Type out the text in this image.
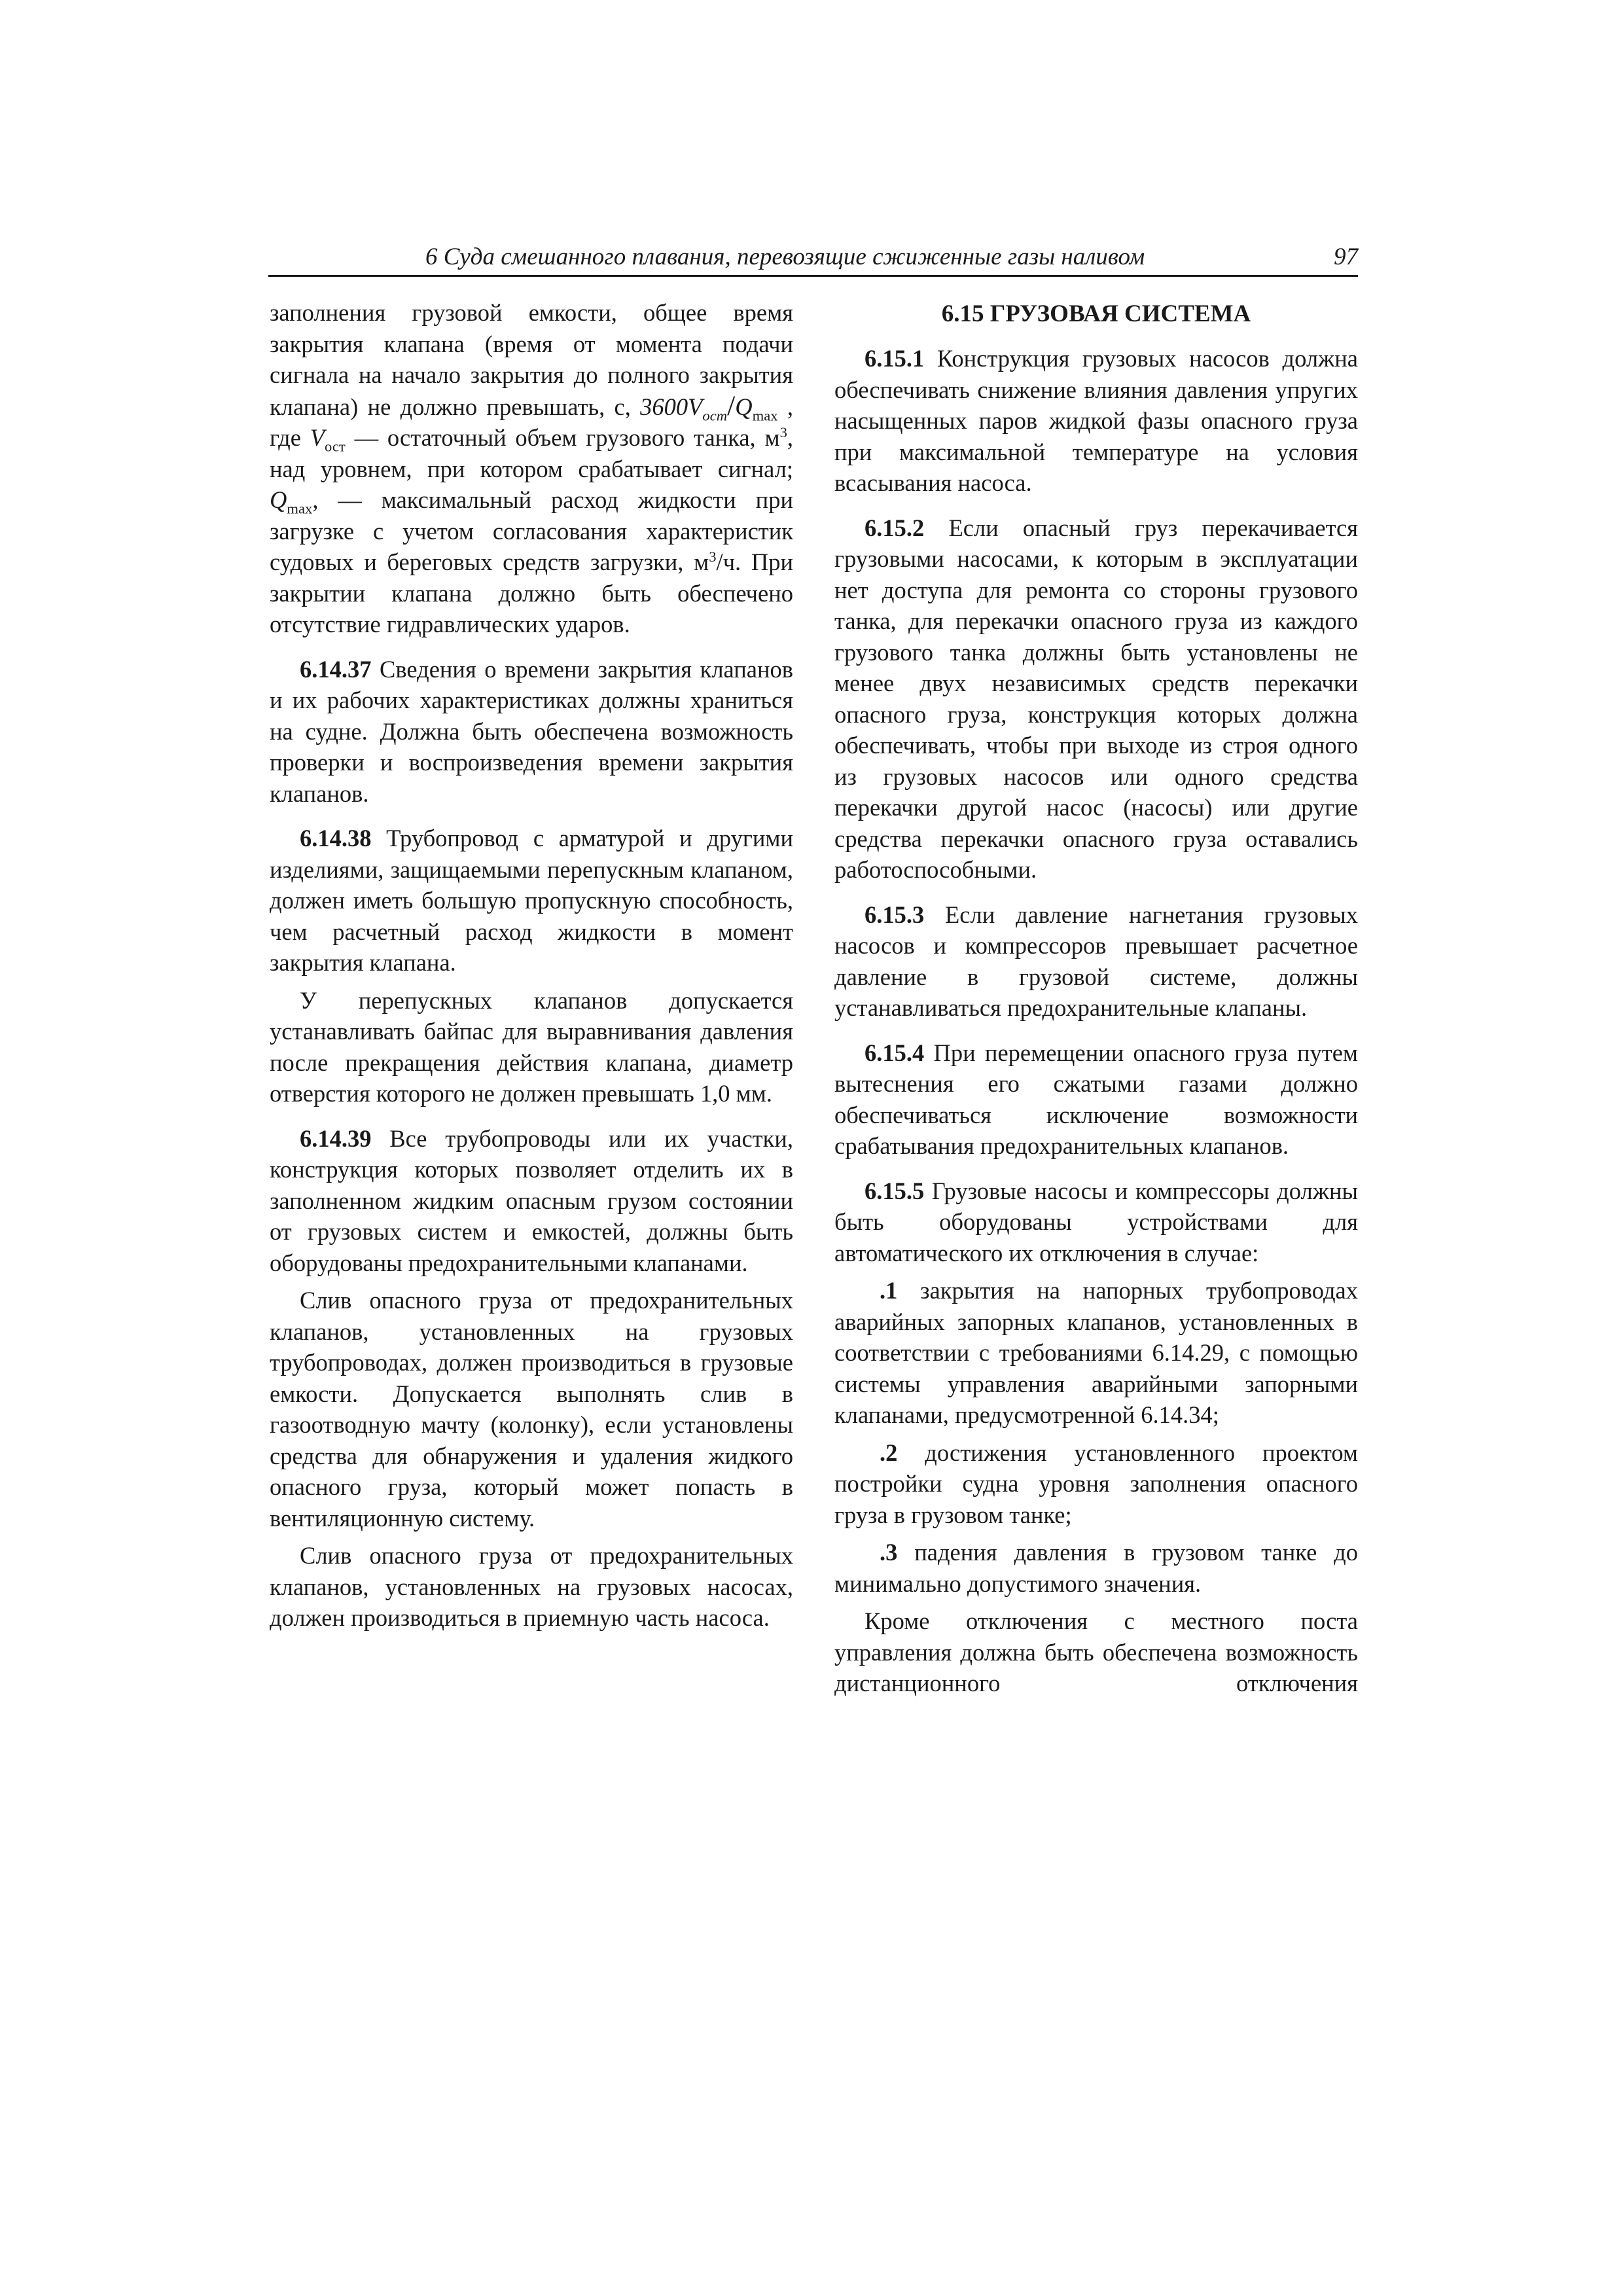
6 Суда смешанного плавания, перевозящие сжиженные газы наливом	97

заполнения грузовой емкости, общее время закрытия клапана (время от момента подачи сигнала на начало закрытия до полного закрытия клапана) не должно превышать, с, $3600V_{ост}/Q_{max}$ , где $V_{ост}$ — остаточный объем грузового танка, $м^3$, над уровнем, при котором срабатывает сигнал; $Q_{max}$, — максимальный расход жидкости при загрузке с учетом согласования характеристик судовых и береговых средств загрузки, $м^3/ч$. При закрытии клапана должно быть обеспечено отсутствие гидравлических ударов.

6.14.37 Сведения о времени закрытия клапанов и их рабочих характеристиках должны храниться на судне. Должна быть обеспечена возможность проверки и воспроизведения времени закрытия клапанов.

6.14.38 Трубопровод с арматурой и другими изделиями, защищаемыми перепускным клапаном, должен иметь большую пропускную способность, чем расчетный расход жидкости в момент закрытия клапана.

У перепускных клапанов допускается устанавливать байпас для выравнивания давления после прекращения действия клапана, диаметр отверстия которого не должен превышать 1,0 мм.

6.14.39 Все трубопроводы или их участки, конструкция которых позволяет отделить их в заполненном жидким опасным грузом состоянии от грузовых систем и емкостей, должны быть оборудованы предохранительными клапанами.

Слив опасного груза от предохранительных клапанов, установленных на грузовых трубопроводах, должен производиться в грузовые емкости. Допускается выполнять слив в газоотводную мачту (колонку), если установлены средства для обнаружения и удаления жидкого опасного груза, который может попасть в вентиляционную систему.

Слив опасного груза от предохранительных клапанов, установленных на грузовых насосах, должен производиться в приемную часть насоса.

6.15 ГРУЗОВАЯ СИСТЕМА

6.15.1 Конструкция грузовых насосов должна обеспечивать снижение влияния давления упругих насыщенных паров жидкой фазы опасного груза при максимальной температуре на условия всасывания насоса.

6.15.2 Если опасный груз перекачивается грузовыми насосами, к которым в эксплуатации нет доступа для ремонта со стороны грузового танка, для перекачки опасного груза из каждого грузового танка должны быть установлены не менее двух независимых средств перекачки опасного груза, конструкция которых должна обеспечивать, чтобы при выходе из строя одного из грузовых насосов или одного средства перекачки другой насос (насосы) или другие средства перекачки опасного груза оставались работоспособными.

6.15.3 Если давление нагнетания грузовых насосов и компрессоров превышает расчетное давление в грузовой системе, должны устанавливаться предохранительные клапаны.

6.15.4 При перемещении опасного груза путем вытеснения его сжатыми газами должно обеспечиваться исключение возможности срабатывания предохранительных клапанов.

6.15.5 Грузовые насосы и компрессоры должны быть оборудованы устройствами для автоматического их отключения в случае:

.1 закрытия на напорных трубопроводах аварийных запорных клапанов, установленных в соответствии с требованиями 6.14.29, с помощью системы управления аварийными запорными клапанами, предусмотренной 6.14.34;

.2 достижения установленного проектом постройки судна уровня заполнения опасного груза в грузовом танке;

.3 падения давления в грузовом танке до минимально допустимого значения.

Кроме отключения с местного поста управления должна быть обеспечена возможность дистанционного отключения
